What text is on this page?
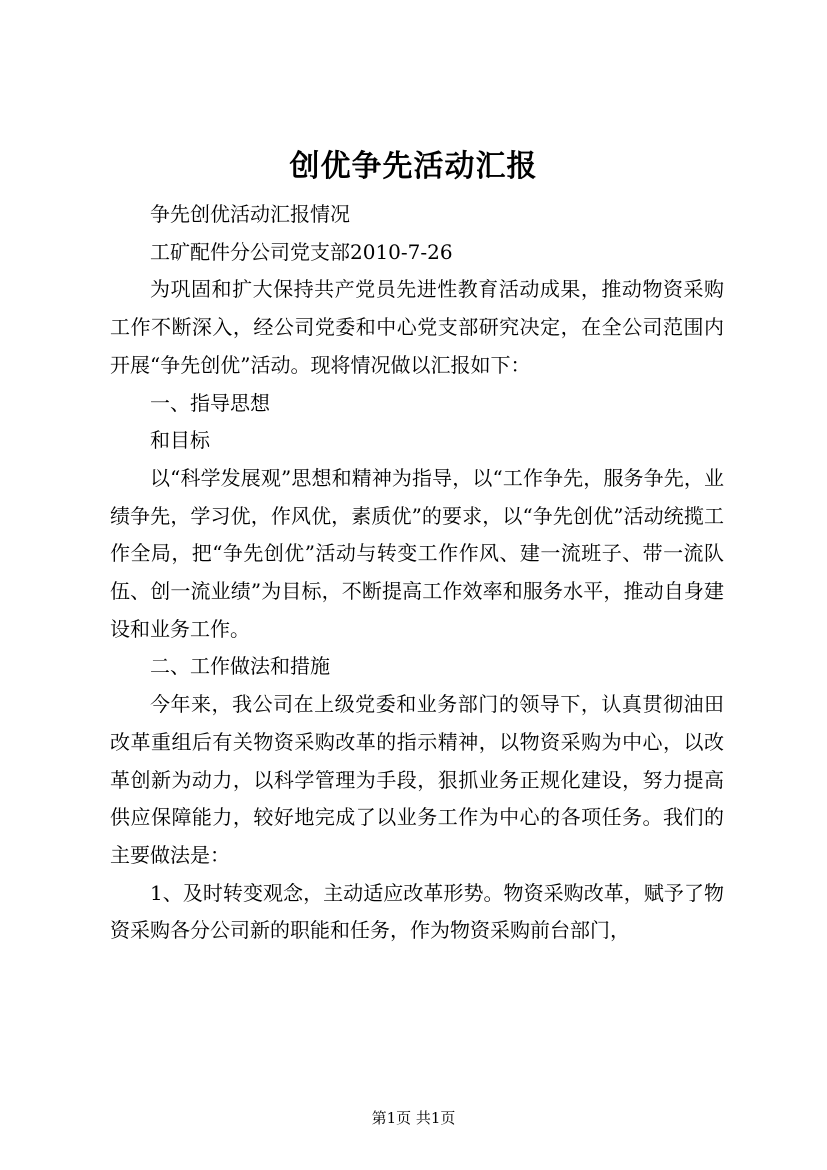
创优争先活动汇报

争先创优活动汇报情况

工矿配件分公司党支部2010-7-26

为巩固和扩大保持共产党员先进性教育活动成果，推动物资采购工作不断深入，经公司党委和中心党支部研究决定，在全公司范围内开展“争先创优”活动。现将情况做以汇报如下：

一、指导思想

和目标

以“科学发展观”思想和精神为指导，以“工作争先，服务争先，业绩争先，学习优，作风优，素质优”的要求，以“争先创优”活动统揽工作全局，把“争先创优”活动与转变工作作风、建一流班子、带一流队伍、创一流业绩”为目标，不断提高工作效率和服务水平，推动自身建设和业务工作。

二、工作做法和措施

今年来，我公司在上级党委和业务部门的领导下，认真贯彻油田改革重组后有关物资采购改革的指示精神，以物资采购为中心，以改革创新为动力，以科学管理为手段，狠抓业务正规化建设，努力提高供应保障能力，较好地完成了以业务工作为中心的各项任务。我们的主要做法是：

1、及时转变观念，主动适应改革形势。物资采购改革，赋予了物资采购各分公司新的职能和任务，作为物资采购前台部门，

第1页 共1页
